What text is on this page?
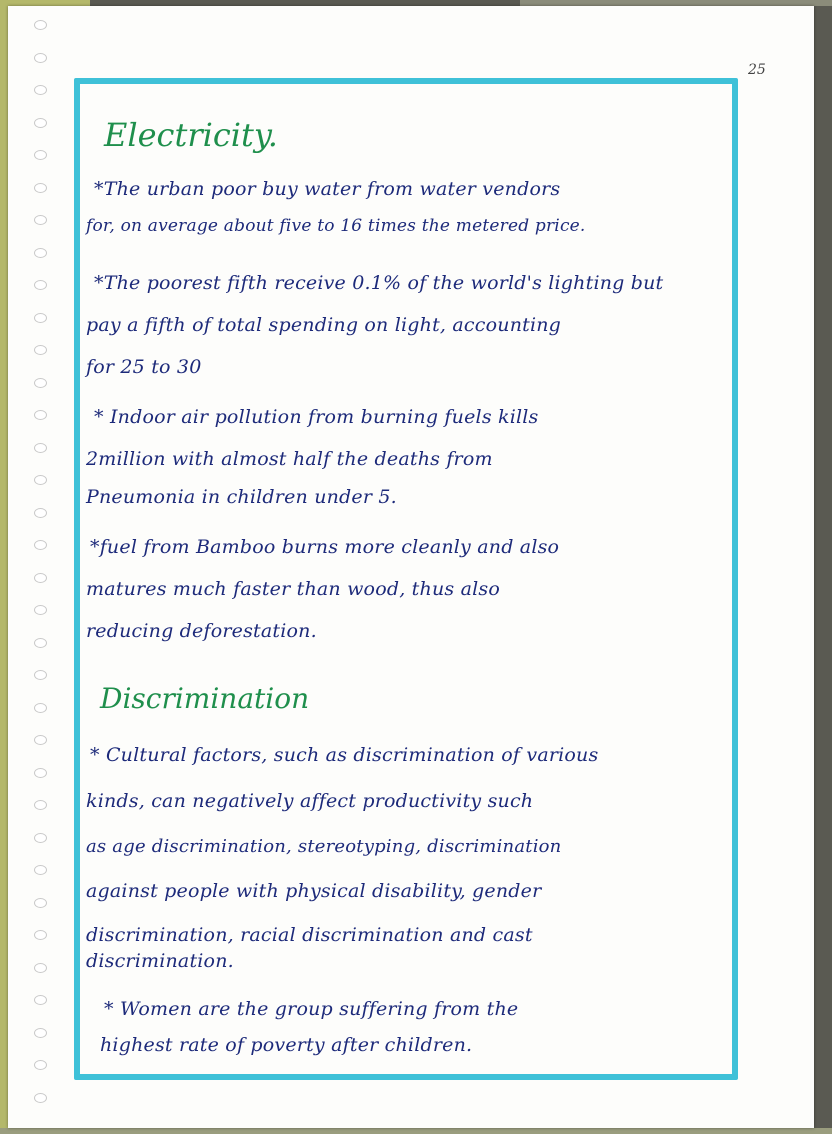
25
Electricity.
*The urban poor buy water from water vendors
for, on average about five to 16 times the metered price.
*The poorest fifth receive 0.1% of the world's lighting but
pay a fifth of total spending on light, accounting
for 25 to 30
* Indoor air pollution from burning fuels kills
2million with almost half the deaths from
Pneumonia in children under 5.
*fuel from Bamboo burns more cleanly and also
matures much faster than wood, thus also
reducing deforestation.
Discrimination
* Cultural factors, such as discrimination of various
kinds, can negatively affect productivity such
as age discrimination, stereotyping, discrimination
against people with physical disability, gender
discrimination, racial discrimination and cast
discrimination.
* Women are the group suffering from the
highest rate of poverty after children.
